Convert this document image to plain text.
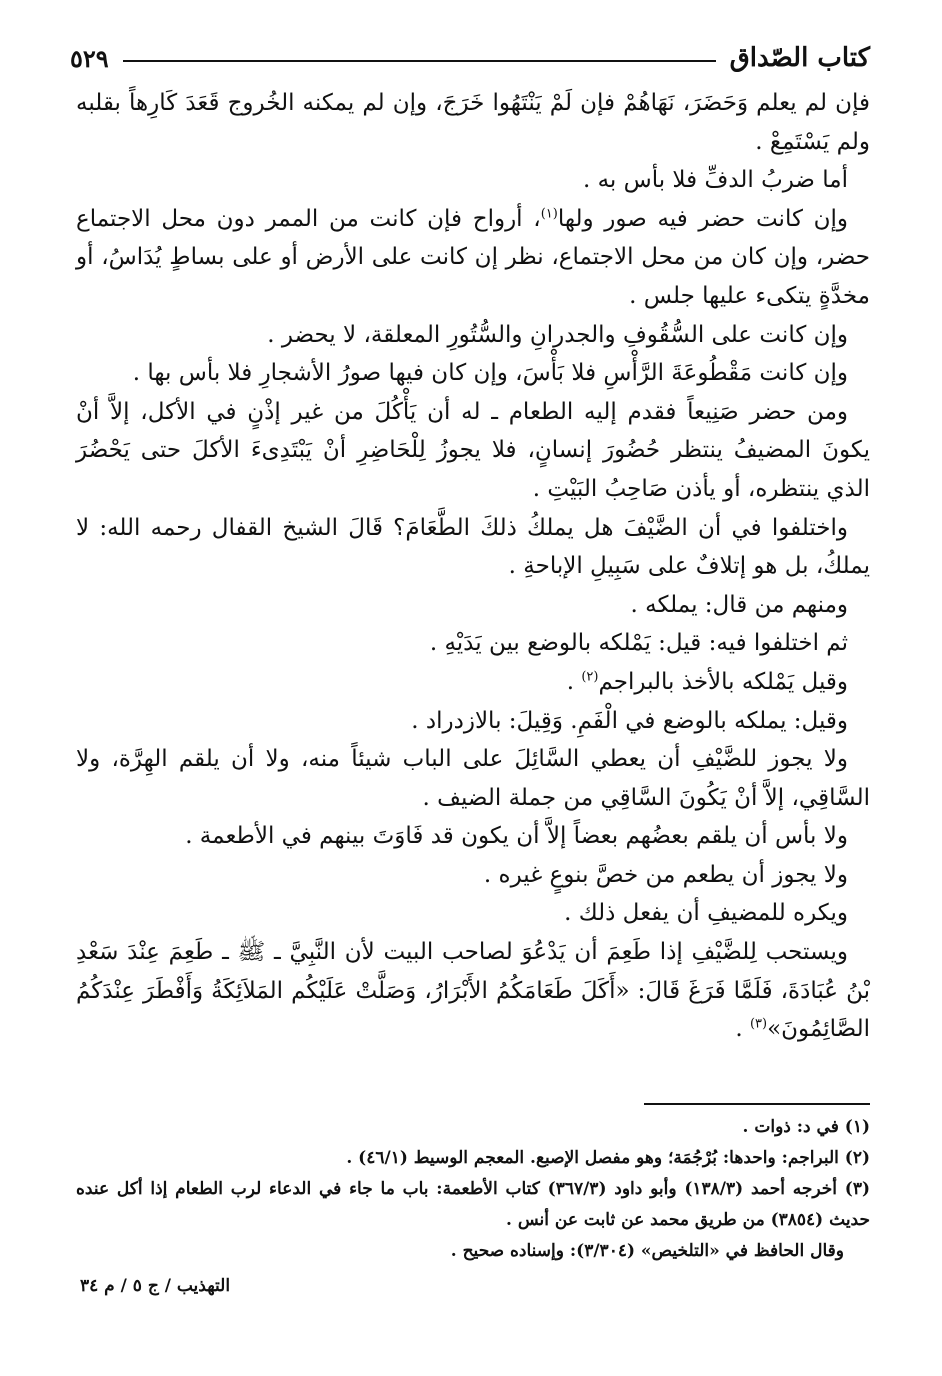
كتاب الصّداق
٥٢٩

فإن لم يعلم وَحَضَرَ، نَهَاهُمْ فإن لَمْ يَنْتَهُوا خَرَجَ، وإن لم يمكنه الخُروج قَعَدَ كَارِهاً بقلبه ولم يَسْتَمِعْ .

أما ضربُ الدفِّ فلا بأس به .

وإن كانت حضر فيه صور ولها$^{(١)}$، أرواح فإن كانت من الممر دون محل الاجتماع حضر، وإن كان من محل الاجتماع، نظر إن كانت على الأرض أو على بساطٍ يُدَاسُ، أو مخدَّةٍ يتكىء عليها جلس .

وإن كانت على السُّقُوفِ والجدرانِ والسُّتُورِ المعلقة، لا يحضر .

وإن كانت مَقْطُوعَةَ الرَّأْسِ فلا بَأْسَ، وإن كان فيها صورُ الأشجارِ فلا بأس بها .

ومن حضر صَنِيعاً فقدم إليه الطعام ـ له أن يَأْكُلَ من غير إذْنٍ في الأكل، إلاَّ أنْ يكونَ المضيفُ ينتظر حُضُورَ إنسانٍ، فلا يجوزُ لِلْحَاضِرِ أنْ يَبْتَدِىءَ الأكلَ حتى يَحْضُرَ الذي ينتظره، أو يأذن صَاحِبُ البَيْتِ .

واختلفوا في أن الضَّيْفَ هل يملكُ ذلكَ الطَّعَامَ؟ قَالَ الشيخ القفال رحمه الله: لا يملكُ، بل هو إتلافٌ على سَبِيلِ الإباحةِ .

ومنهم من قال: يملكه .

ثم اختلفوا فيه: قيل: يَمْلكه بالوضع بين يَدَيْهِ .

وقيل يَمْلكه بالأخذ بالبراجم$^{(٢)}$ .

وقيل: يملكه بالوضع في الْفَمِ. وَقِيلَ: بالازدراد .

ولا يجوز للضَّيْفِ أن يعطي السَّائِلَ على الباب شيئاً منه، ولا أن يلقم الهِرَّة، ولا السَّاقِي، إلاَّ أنْ يَكُونَ السَّاقِي من جملة الضيف .

ولا بأس أن يلقم بعضُهم بعضاً إلاَّ أن يكون قد فَاوَتَ بينهم في الأطعمة .

ولا يجوز أن يطعم من خصَّ بنوعٍ غيره .

ويكره للمضيفِ أن يفعل ذلك .

ويستحب لِلضَّيْفِ إذا طَعِمَ أن يَدْعُوَ لصاحب البيت لأن النَّبِيَّ ـ ﷺ ـ طَعِمَ عِنْدَ سَعْدِ بْنُ عُبَادَةَ، فَلَمَّا فَرَغَ قَالَ: «أَكَلَ طَعَامَكُمُ الأَبْرَارُ، وَصَلَّتْ عَلَيْكُم المَلاَئِكَةُ وَأَفْطَرَ عِنْدَكُمُ الصَّائِمُونَ»$^{(٣)}$ .

(١) في د: ذوات .

(٢) البراجم: واحدها: بُرْجُمَة؛ وهو مفصل الإصبع. المعجم الوسيط (٤٦/١) .

(٣) أخرجه أحمد (١٣٨/٣) وأبو داود (٣٦٧/٣) كتاب الأطعمة: باب ما جاء في الدعاء لرب الطعام إذا أكل عنده حديث (٣٨٥٤) من طريق محمد عن ثابت عن أنس .

وقال الحافظ في «التلخيص» (٣/٣٠٤): وإسناده صحيح .

التهذيب / ج ٥ / م ٣٤
